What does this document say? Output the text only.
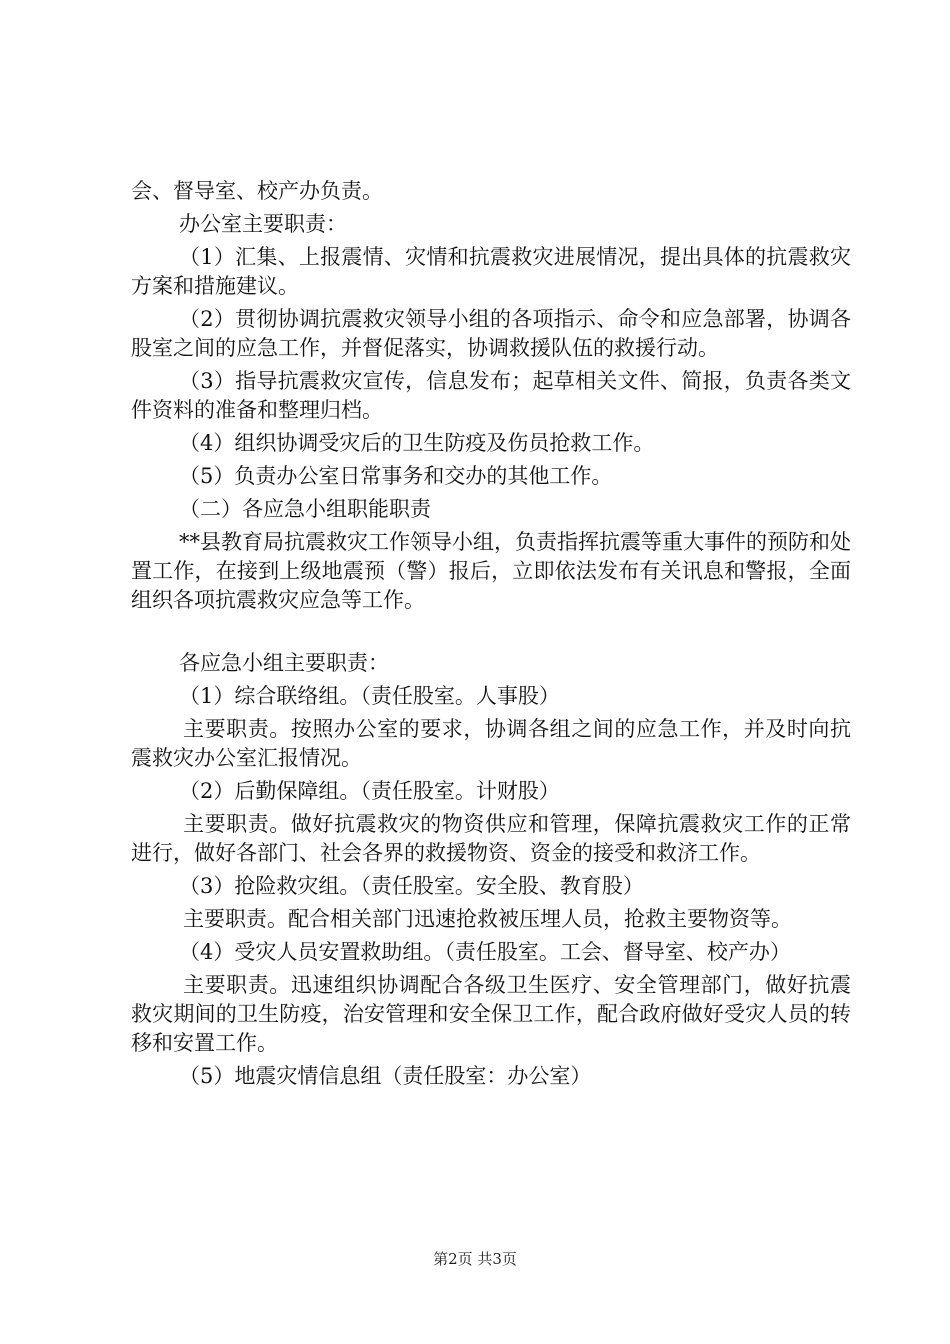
会、督导室、校产办负责。

办公室主要职责：

（1）汇集、上报震情、灾情和抗震救灾进展情况，提出具体的抗震救灾方案和措施建议。

（2）贯彻协调抗震救灾领导小组的各项指示、命令和应急部署，协调各股室之间的应急工作，并督促落实，协调救援队伍的救援行动。

（3）指导抗震救灾宣传，信息发布；起草相关文件、简报，负责各类文件资料的准备和整理归档。

（4）组织协调受灾后的卫生防疫及伤员抢救工作。

（5）负责办公室日常事务和交办的其他工作。

（二）各应急小组职能职责

**县教育局抗震救灾工作领导小组，负责指挥抗震等重大事件的预防和处置工作，在接到上级地震预（警）报后，立即依法发布有关讯息和警报，全面组织各项抗震救灾应急等工作。

各应急小组主要职责：

（1）综合联络组。（责任股室。人事股）

主要职责。按照办公室的要求，协调各组之间的应急工作，并及时向抗震救灾办公室汇报情况。

（2）后勤保障组。（责任股室。计财股）

主要职责。做好抗震救灾的物资供应和管理，保障抗震救灾工作的正常进行，做好各部门、社会各界的救援物资、资金的接受和救济工作。

（3）抢险救灾组。（责任股室。安全股、教育股）

主要职责。配合相关部门迅速抢救被压埋人员，抢救主要物资等。

（4）受灾人员安置救助组。（责任股室。工会、督导室、校产办）

主要职责。迅速组织协调配合各级卫生医疗、安全管理部门，做好抗震救灾期间的卫生防疫，治安管理和安全保卫工作，配合政府做好受灾人员的转移和安置工作。

（5）地震灾情信息组（责任股室：办公室）

第2页 共3页
